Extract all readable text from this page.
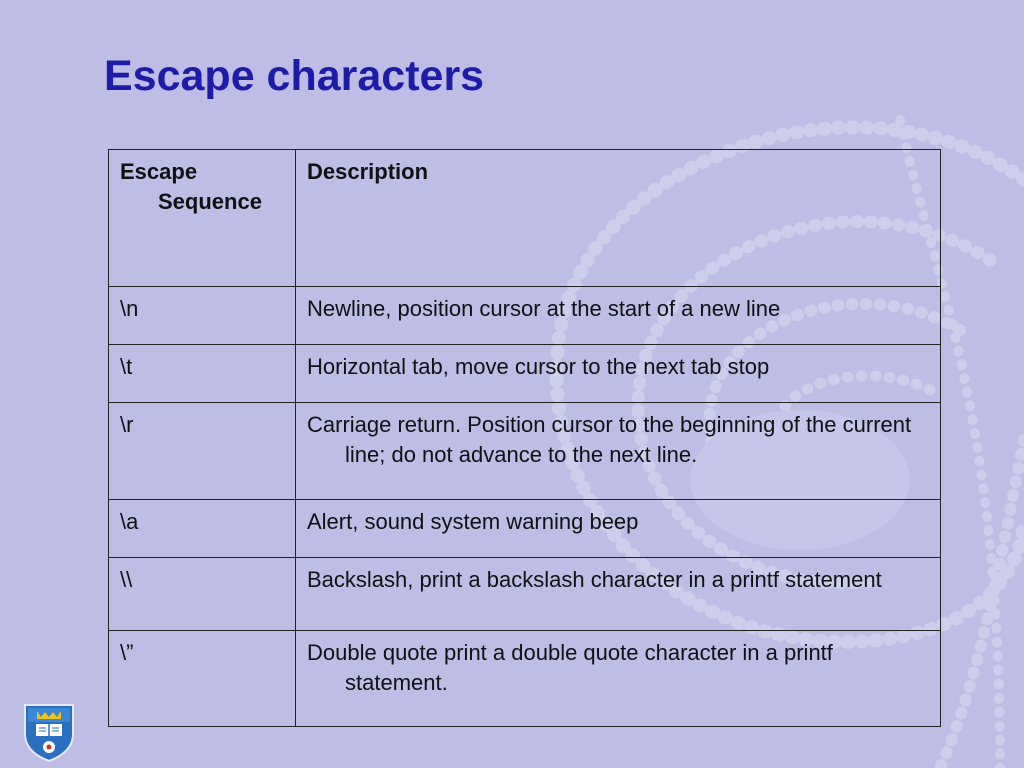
Escape characters
Escape Sequence	Description
\n	Newline, position cursor at the start of a new line

\t	Horizontal tab, move cursor to the next tab stop

\r	Carriage return. Position cursor to the beginning of the current line; do not advance to the next line.

\a	Alert, sound system warning beep

\\	Backslash, print a backslash character in a printf statement

\”	Double quote print a double quote character in a printf statement.
